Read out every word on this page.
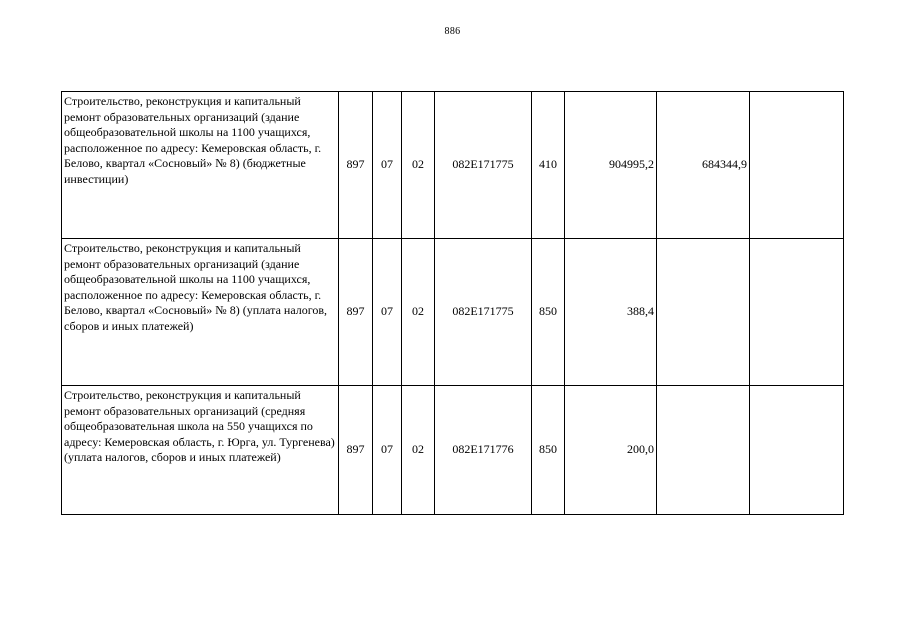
886
Строительство, реконструкция и капитальный ремонт образовательных организаций (здание общеобразовательной школы на 1100 учащихся, расположенное по адресу: Кемеровская область, г. Белово, квартал «Сосновый» № 8) (бюджетные инвестиции)	897	07	02	082Е171775	410	904995,2	684344,9	
Строительство, реконструкция и капитальный ремонт образовательных организаций (здание общеобразовательной школы на 1100 учащихся, расположенное по адресу: Кемеровская область, г. Белово, квартал «Сосновый» № 8) (уплата налогов, сборов и иных платежей)	897	07	02	082Е171775	850	388,4		
Строительство, реконструкция и капитальный ремонт образовательных организаций (средняя общеобразовательная школа на 550 учащихся по адресу: Кемеровская область, г. Юрга, ул. Тургенева) (уплата налогов, сборов и иных платежей)	897	07	02	082Е171776	850	200,0		
